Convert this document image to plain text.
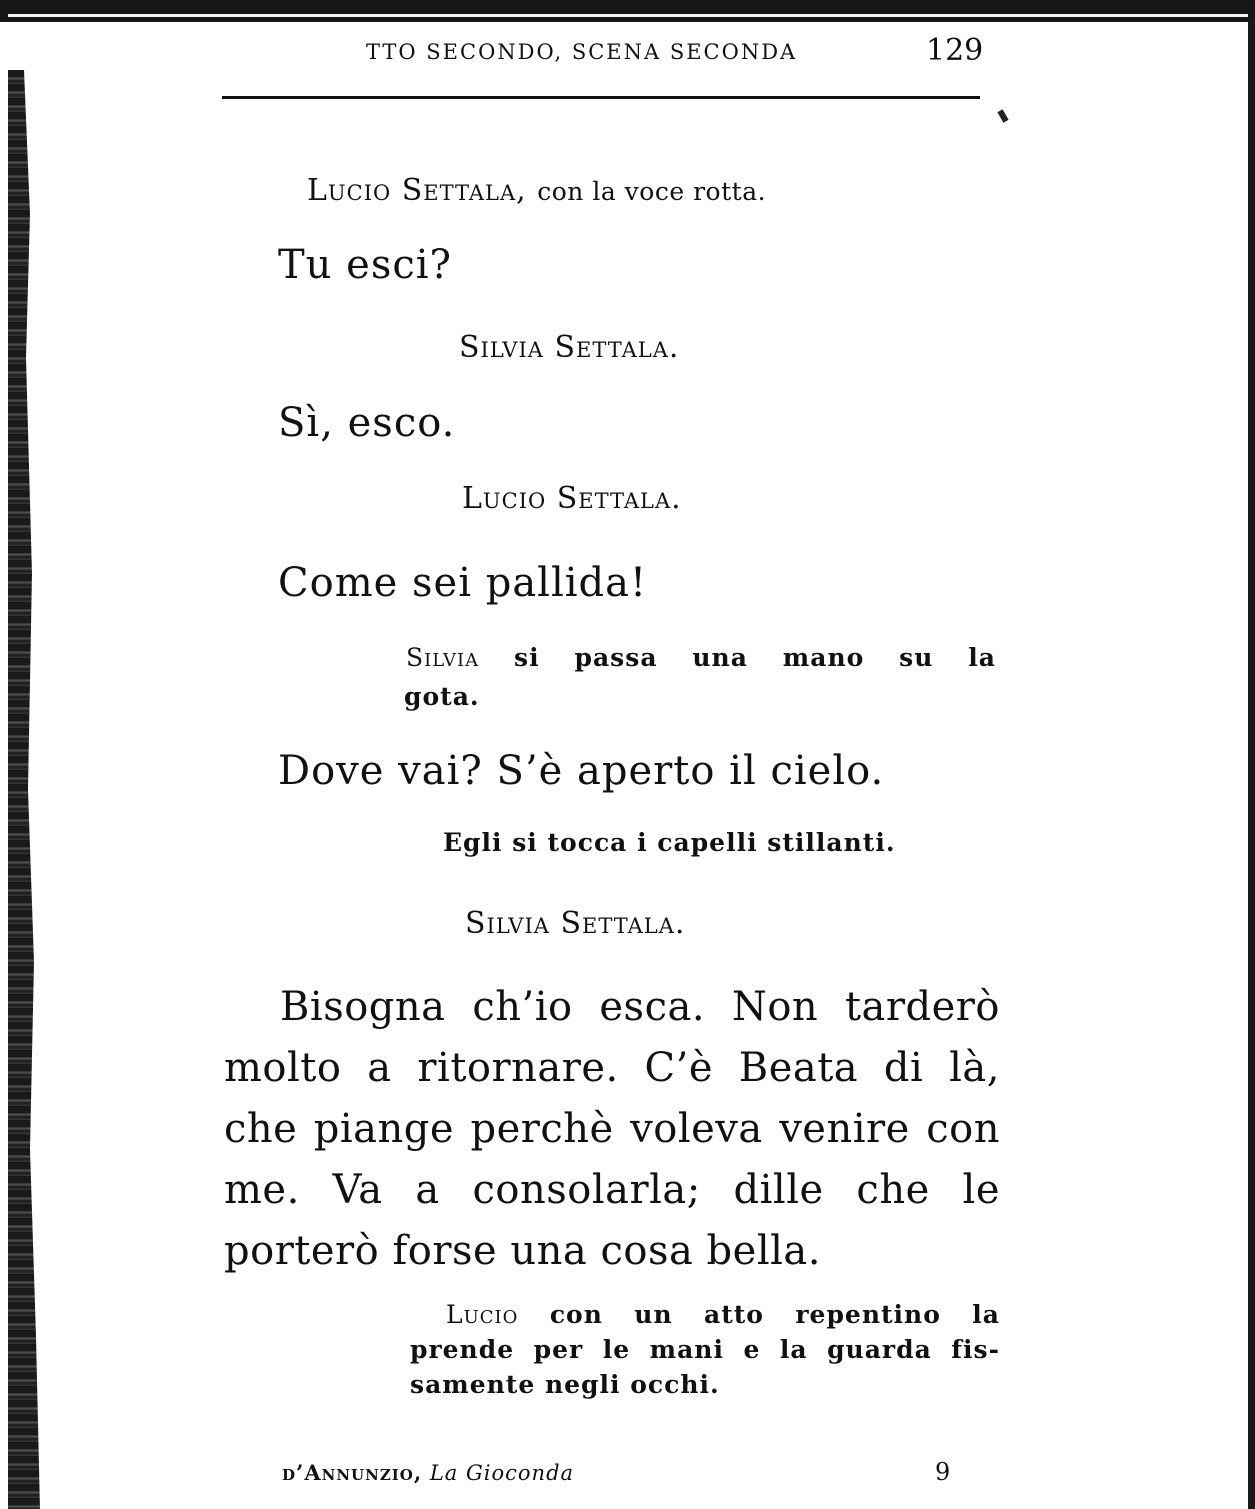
TTO SECONDO, SCENA SECONDA	129
Lucio Settala, con la voce rotta.
Tu esci?
Silvia Settala.
Sì, esco.
Lucio Settala.
Come sei pallida!
Silvia si passa una mano su la
gota.
Dove vai? S’è aperto il cielo.
Egli si tocca i capelli stillanti.
Silvia Settala.
Bisogna ch’io esca. Non tarderò
molto a ritornare. C’è Beata di là,
che piange perchè voleva venire con
me. Va a consolarla; dille che le
porterò forse una cosa bella.
Lucio con un atto repentino la
prende per le mani e la guarda fis-
samente negli occhi.
d’Annunzio, La Gioconda	9
